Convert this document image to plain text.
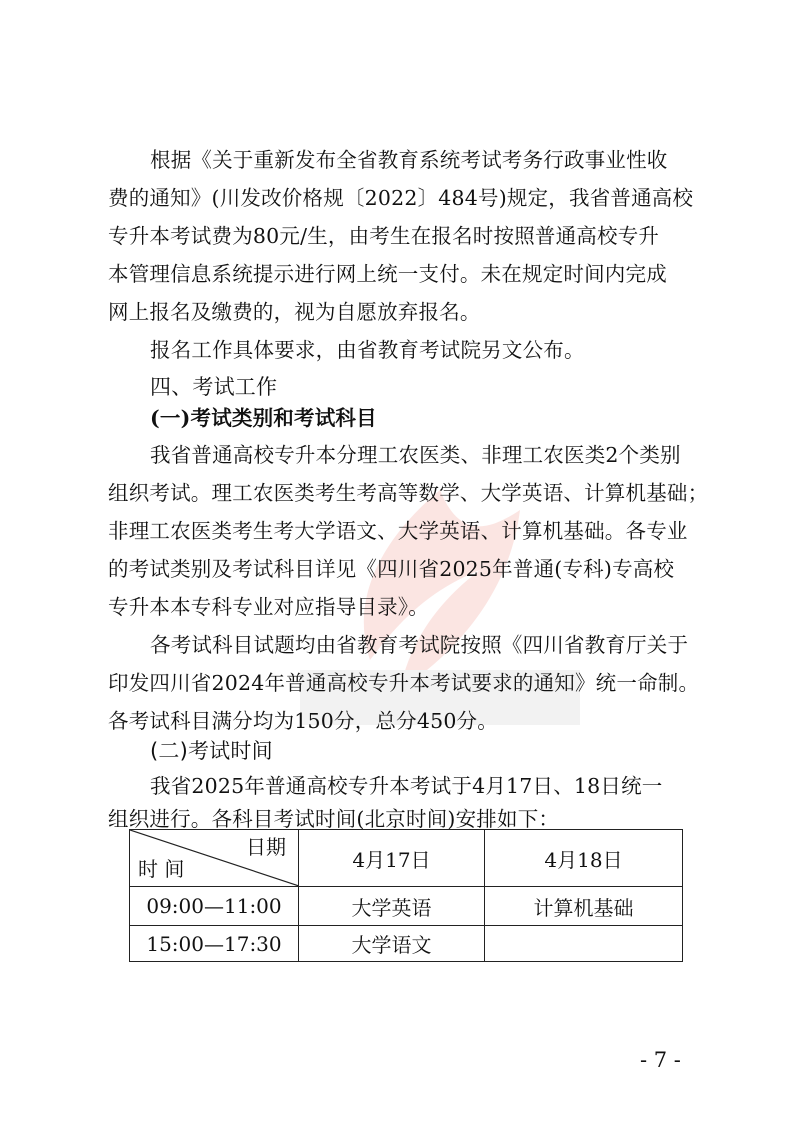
根据《关于重新发布全省教育系统考试考务行政事业性收
费的通知》(川发改价格规〔2022〕484号)规定，我省普通高校
专升本考试费为80元/生，由考生在报名时按照普通高校专升
本管理信息系统提示进行网上统一支付。未在规定时间内完成
网上报名及缴费的，视为自愿放弃报名。
报名工作具体要求，由省教育考试院另文公布。
四、考试工作
(一)考试类别和考试科目
我省普通高校专升本分理工农医类、非理工农医类2个类别
组织考试。理工农医类考生考高等数学、大学英语、计算机基础；
非理工农医类考生考大学语文、大学英语、计算机基础。各专业
的考试类别及考试科目详见《四川省2025年普通(专科)专高校
专升本本专科专业对应指导目录》。
各考试科目试题均由省教育考试院按照《四川省教育厅关于
印发四川省2024年普通高校专升本考试要求的通知》统一命制。
各考试科目满分均为150分，总分450分。
(二)考试时间
我省2025年普通高校专升本考试于4月17日、18日统一
组织进行。各科目考试时间(北京时间)安排如下：
日期
时 间	4月17日	4月18日
09:00—11:00	大学英语	计算机基础
15:00—17:30	大学语文	
- 7 -
